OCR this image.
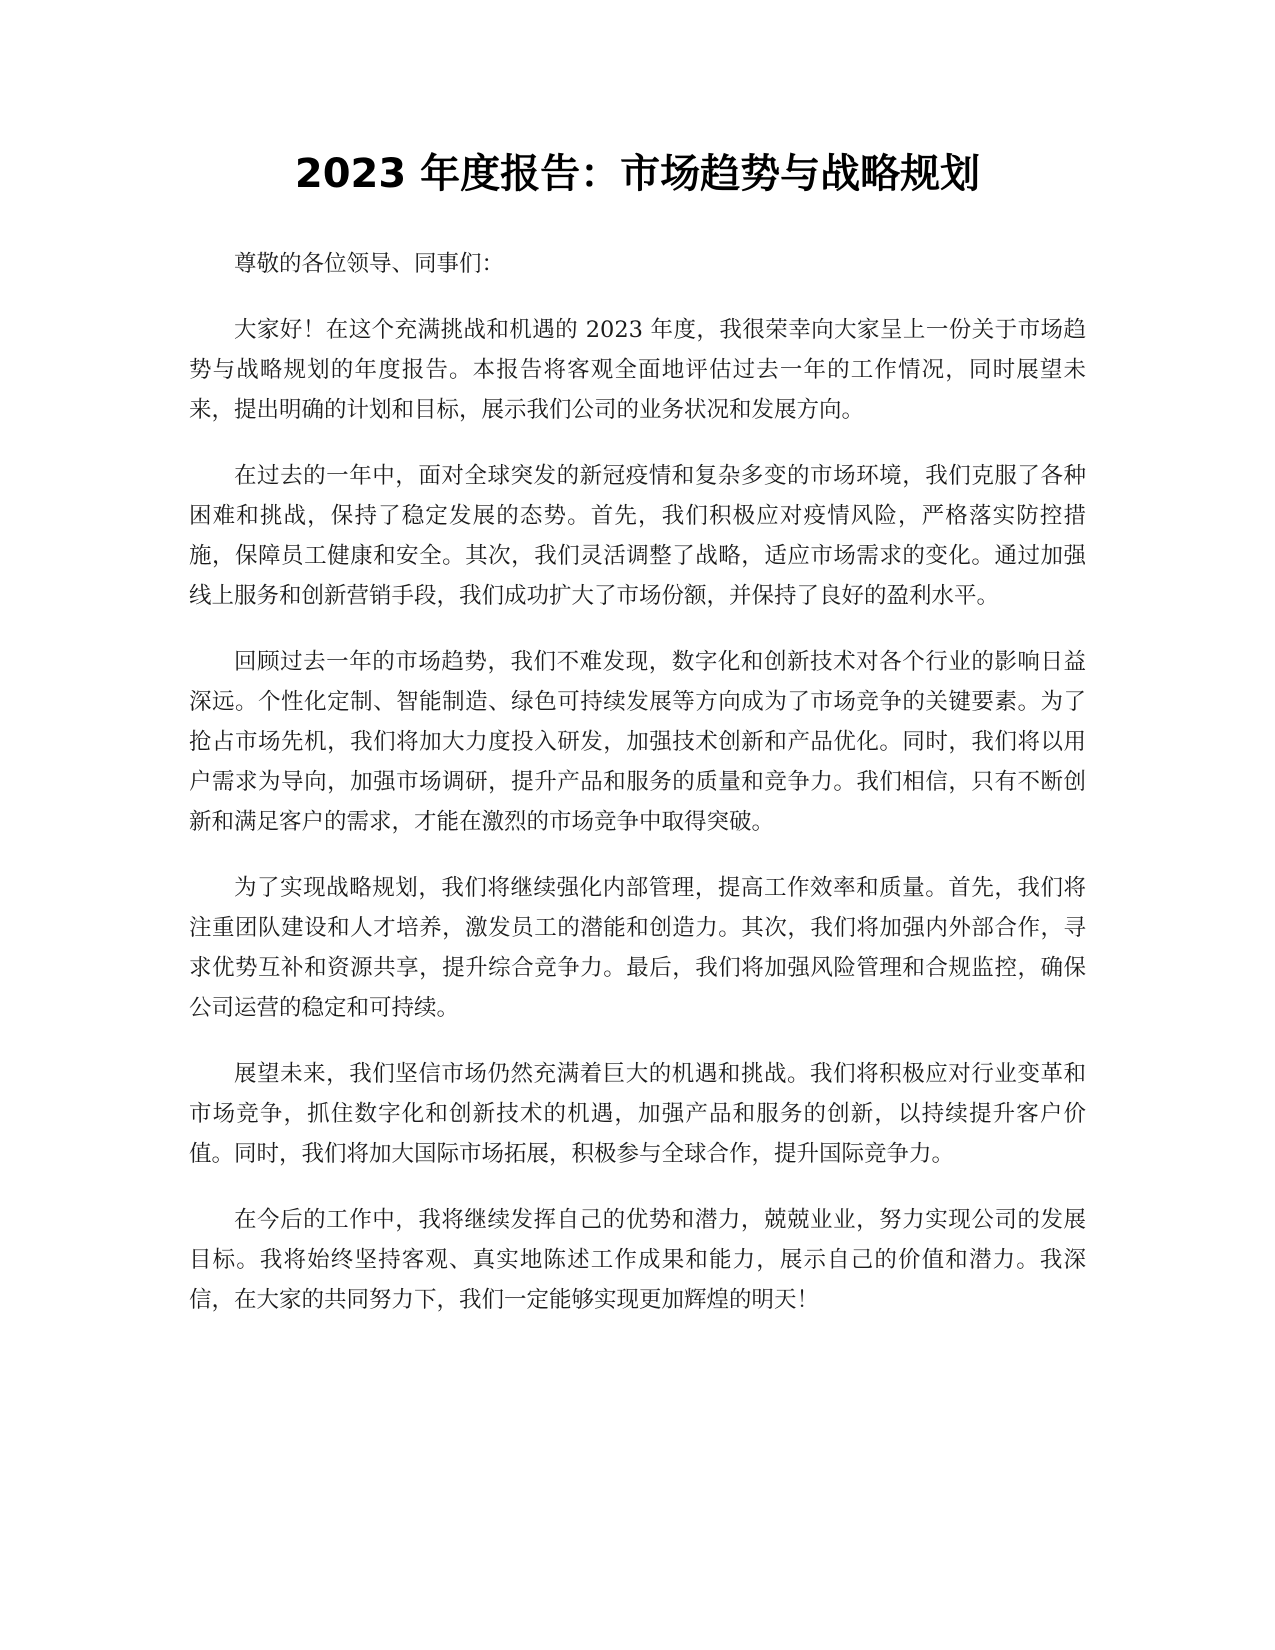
2023 年度报告：市场趋势与战略规划

尊敬的各位领导、同事们：

大家好！在这个充满挑战和机遇的 2023 年度，我很荣幸向大家呈上一份关于市场趋势与战略规划的年度报告。本报告将客观全面地评估过去一年的工作情况，同时展望未来，提出明确的计划和目标，展示我们公司的业务状况和发展方向。

在过去的一年中，面对全球突发的新冠疫情和复杂多变的市场环境，我们克服了各种困难和挑战，保持了稳定发展的态势。首先，我们积极应对疫情风险，严格落实防控措施，保障员工健康和安全。其次，我们灵活调整了战略，适应市场需求的变化。通过加强线上服务和创新营销手段，我们成功扩大了市场份额，并保持了良好的盈利水平。

回顾过去一年的市场趋势，我们不难发现，数字化和创新技术对各个行业的影响日益深远。个性化定制、智能制造、绿色可持续发展等方向成为了市场竞争的关键要素。为了抢占市场先机，我们将加大力度投入研发，加强技术创新和产品优化。同时，我们将以用户需求为导向，加强市场调研，提升产品和服务的质量和竞争力。我们相信，只有不断创新和满足客户的需求，才能在激烈的市场竞争中取得突破。

为了实现战略规划，我们将继续强化内部管理，提高工作效率和质量。首先，我们将注重团队建设和人才培养，激发员工的潜能和创造力。其次，我们将加强内外部合作，寻求优势互补和资源共享，提升综合竞争力。最后，我们将加强风险管理和合规监控，确保公司运营的稳定和可持续。

展望未来，我们坚信市场仍然充满着巨大的机遇和挑战。我们将积极应对行业变革和市场竞争，抓住数字化和创新技术的机遇，加强产品和服务的创新，以持续提升客户价值。同时，我们将加大国际市场拓展，积极参与全球合作，提升国际竞争力。

在今后的工作中，我将继续发挥自己的优势和潜力，兢兢业业，努力实现公司的发展目标。我将始终坚持客观、真实地陈述工作成果和能力，展示自己的价值和潜力。我深信，在大家的共同努力下，我们一定能够实现更加辉煌的明天！
